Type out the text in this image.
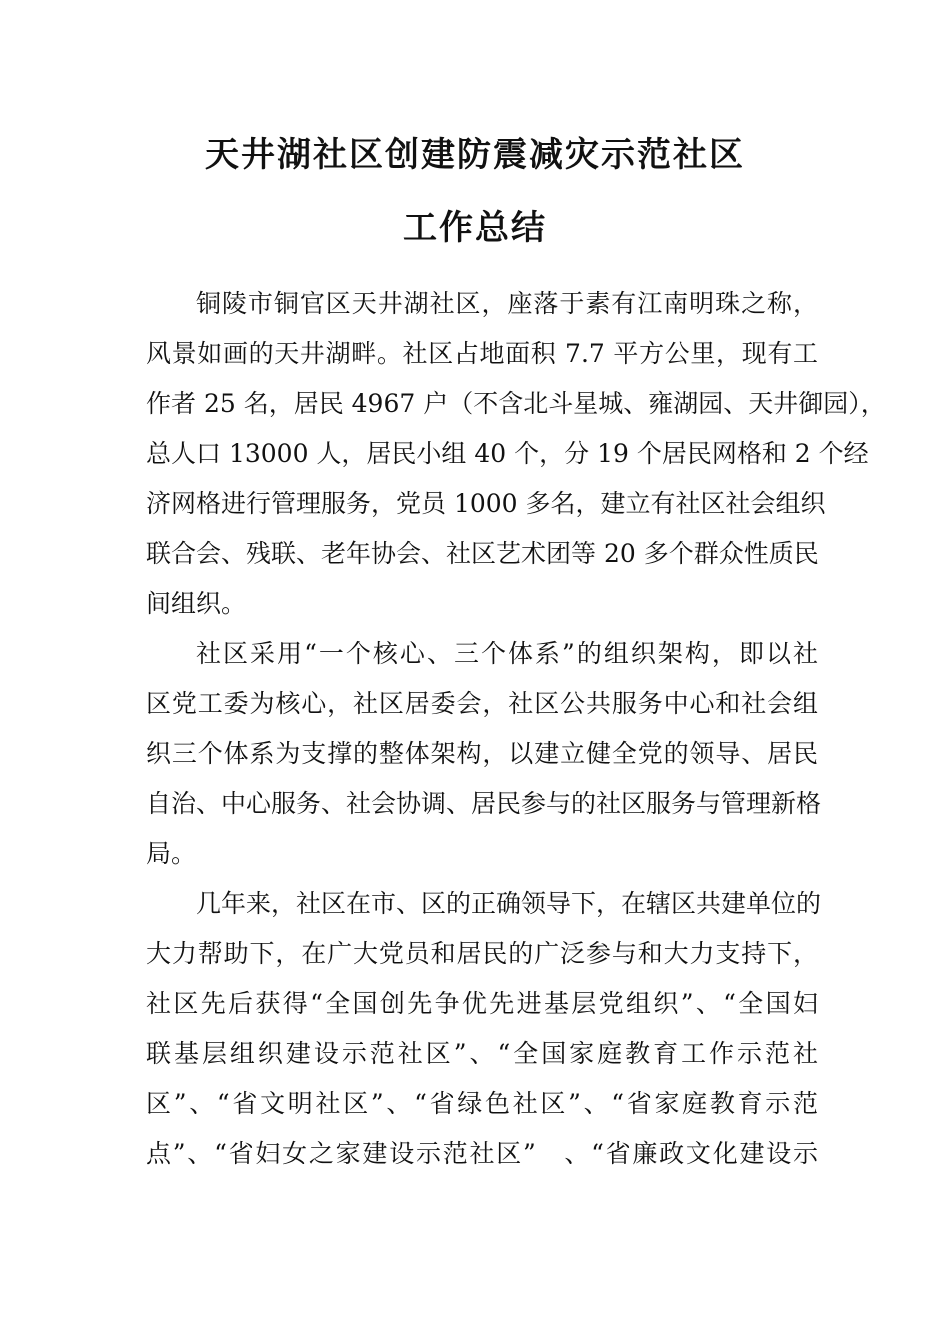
天井湖社区创建防震减灾示范社区
工作总结
铜陵市铜官区天井湖社区，座落于素有江南明珠之称，
风景如画的天井湖畔。社区占地面积 7.7 平方公里，现有工
作者 25 名，居民 4967 户（不含北斗星城、雍湖园、天井御园），
总人口 13000 人，居民小组 40 个，分 19 个居民网格和 2 个经
济网格进行管理服务，党员 1000 多名，建立有社区社会组织
联合会、残联、老年协会、社区艺术团等 20 多个群众性质民
间组织。
社区采用“一个核心、三个体系”的组织架构，即以社
区党工委为核心，社区居委会，社区公共服务中心和社会组
织三个体系为支撑的整体架构，以建立健全党的领导、居民
自治、中心服务、社会协调、居民参与的社区服务与管理新格
局。
几年来，社区在市、区的正确领导下，在辖区共建单位的
大力帮助下，在广大党员和居民的广泛参与和大力支持下，
社区先后获得“全国创先争优先进基层党组织”、“全国妇
联基层组织建设示范社区”、“全国家庭教育工作示范社
区”、“省文明社区”、“省绿色社区”、“省家庭教育示范
点”、“省妇女之家建设示范社区”　、“省廉政文化建设示
